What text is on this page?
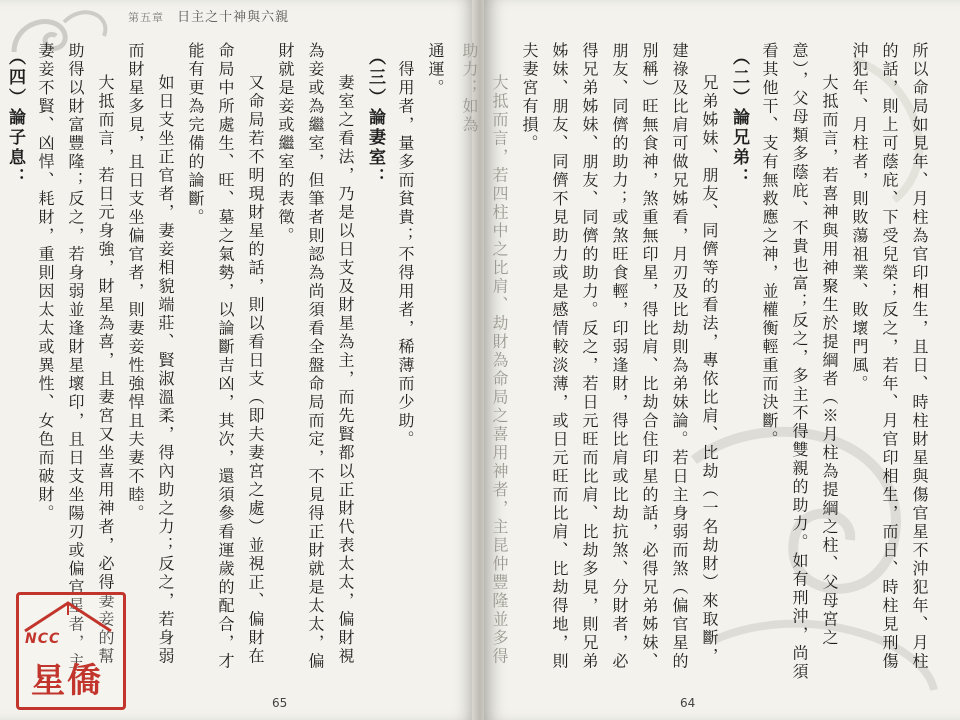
第五章 日主之十神與六親

通運。

　得用者，量多而貧貴；不得用者，稀薄而少助。

（三）論妻室：

妻室之看法，乃是以日支及財星為主，而先賢都以正財代表太太，偏財視為妾或為繼室，但筆者則認為尚須看全盤命局而定，不見得正財就是太太，偏財就是妾或繼室的表徵。

又命局若不明現財星的話，則以看日支（即夫妻宮之處）並視正、偏財在命局中所處生、旺、墓之氣勢，以論斷吉凶，其次，還須參看運歲的配合，才能有更為完備的論斷。

如日支坐正官者，妻妾相貌端莊、賢淑溫柔，得內助之力；反之，若身弱而財星多見，且日支坐偏官者，則妻妾性強悍且夫妻不睦。

大抵而言，若日元身強，財星為喜，且妻宮又坐喜用神者，必得妻妾的幫助得以財富豐隆；反之，若身弱並逢財星壞印，且日支坐陽刃或偏官星者，主妻妾不賢、凶悍、耗財，重則因太太或異性、女色而破財。

（四）論子息：

65
NCC
星僑

所以命局如見年、月柱為官印相生，且日、時柱財星與傷官星不沖犯年、月柱的話，則上可蔭庇、下受兒榮；反之，若年、月官印相生，而日、時柱見刑傷沖犯年、月柱者，則敗蕩祖業、敗壞門風。

大抵而言，若喜神與用神聚生於提綱者（※月柱為提綱之柱、父母宮之意），父母類多蔭庇、不貴也富；反之，多主不得雙親的助力。如有刑沖，尚須看其他干、支有無救應之神，並權衡輕重而決斷。

（二）論兄弟：

兄弟姊妹、朋友、同儕等的看法，專依比肩、比劫（一名劫財）來取斷，建祿及比肩可做兄姊看，月刃及比劫則為弟妹論。若日主身弱而煞（偏官星的別稱）旺無食神，煞重無印星，得比肩、比劫合住印星的話，必得兄弟姊妹、朋友、同儕的助力；或煞旺食輕，印弱逢財，得比肩或比劫抗煞、分財者，必得兄弟姊妹、朋友、同儕的助力。反之，若日元旺而比肩、比劫多見，則兄弟姊妹、朋友、同儕不見助力或是感情較淡薄，或日元旺而比肩、比劫得地，則夫妻宮有損。

大抵而言，若四柱中之比肩、劫財為命局之喜用神者，主昆仲豐隆並多得助力；如為

64
